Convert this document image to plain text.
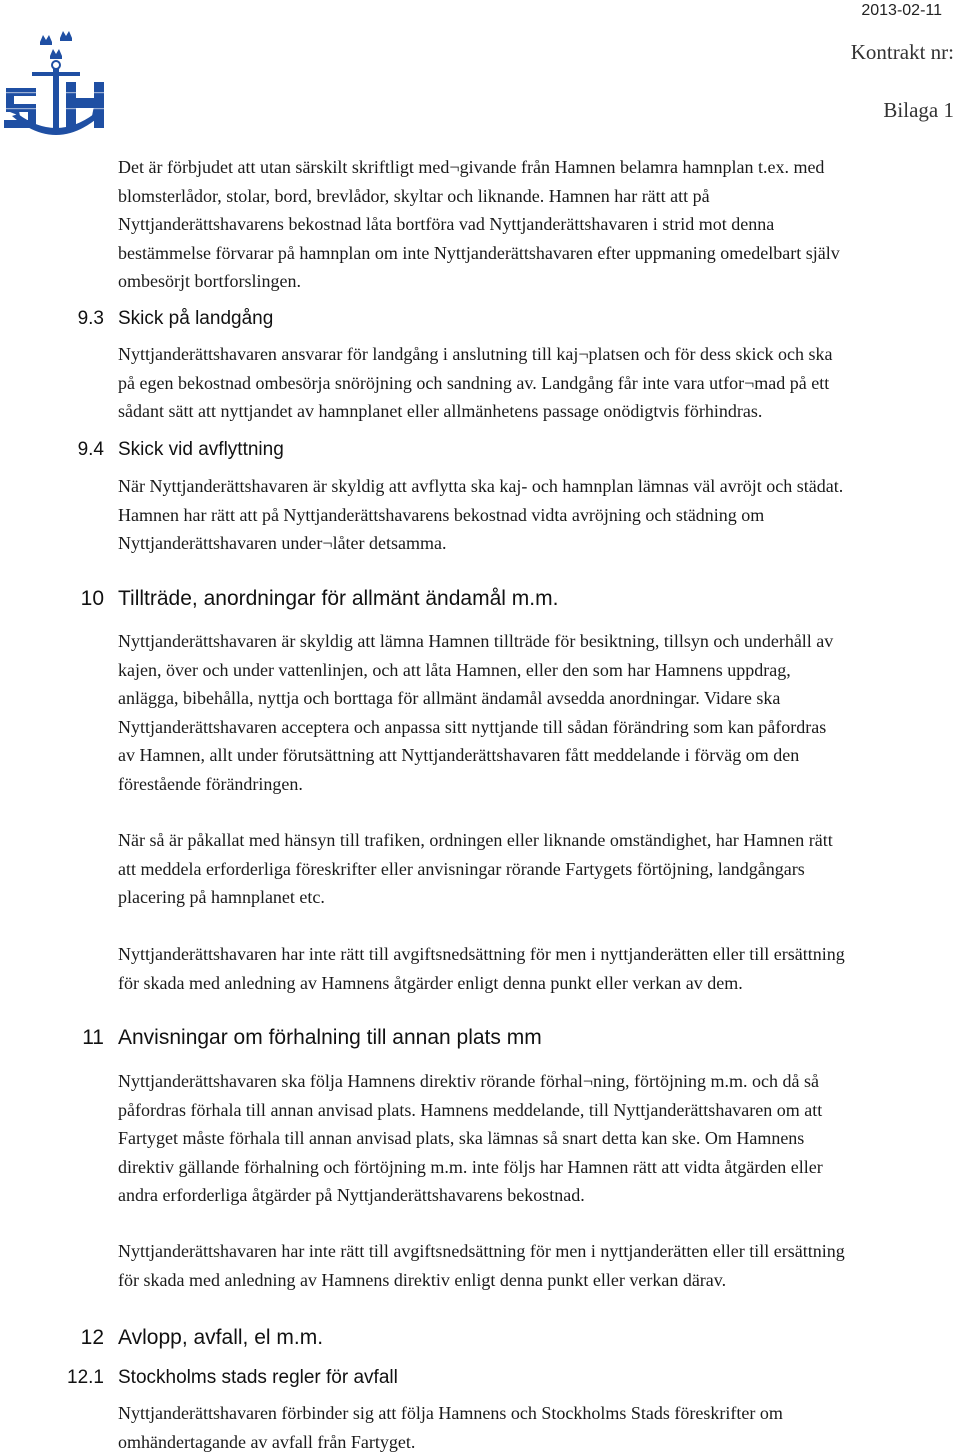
2013-02-11
Kontrakt nr:
Bilaga 1
Det är förbjudet att utan särskilt skriftligt med¬givande från Hamnen belamra hamnplan t.ex. med
blomsterlådor, stolar, bord, brevlådor, skyltar och liknande. Hamnen har rätt att på
Nyttjanderättshavarens bekostnad låta bortföra vad Nyttjanderättshavaren i strid mot denna
bestämmelse förvarar på hamnplan om inte Nyttjanderättshavaren efter uppmaning omedelbart själv
ombesörjt bortforslingen.
9.3 Skick på landgång
Nyttjanderättshavaren ansvarar för landgång i anslutning till kaj¬platsen och för dess skick och ska
på egen bekostnad ombesörja snöröjning och sandning av. Landgång får inte vara utfor¬mad på ett
sådant sätt att nyttjandet av hamnplanet eller allmänhetens passage onödigtvis förhindras.
9.4 Skick vid avflyttning
När Nyttjanderättshavaren är skyldig att avflytta ska kaj- och hamnplan lämnas väl avröjt och städat.
Hamnen har rätt att på Nyttjanderättshavarens bekostnad vidta avröjning och städning om
Nyttjanderättshavaren under¬låter detsamma.
10 Tillträde, anordningar för allmänt ändamål m.m.
Nyttjanderättshavaren är skyldig att lämna Hamnen tillträde för besiktning, tillsyn och underhåll av
kajen, över och under vattenlinjen, och att låta Hamnen, eller den som har Hamnens uppdrag,
anlägga, bibehålla, nyttja och borttaga för allmänt ändamål avsedda anordningar. Vidare ska
Nyttjanderättshavaren acceptera och anpassa sitt nyttjande till sådan förändring som kan påfordras
av Hamnen, allt under förutsättning att Nyttjanderättshavaren fått meddelande i förväg om den
förestående förändringen.
När så är påkallat med hänsyn till trafiken, ordningen eller liknande omständighet, har Hamnen rätt
att meddela erforderliga föreskrifter eller anvisningar rörande Fartygets förtöjning, landgångars
placering på hamnplanet etc.
Nyttjanderättshavaren har inte rätt till avgiftsnedsättning för men i nyttjanderätten eller till ersättning
för skada med anledning av Hamnens åtgärder enligt denna punkt eller verkan av dem.
11 Anvisningar om förhalning till annan plats mm
Nyttjanderättshavaren ska följa Hamnens direktiv rörande förhal¬ning, förtöjning m.m. och då så
påfordras förhala till annan anvisad plats. Hamnens meddelande, till Nyttjanderättshavaren om att
Fartyget måste förhala till annan anvisad plats, ska lämnas så snart detta kan ske. Om Hamnens
direktiv gällande förhalning och förtöjning m.m. inte följs har Hamnen rätt att vidta åtgärden eller
andra erforderliga åtgärder på Nyttjanderättshavarens bekostnad.
Nyttjanderättshavaren har inte rätt till avgiftsnedsättning för men i nyttjanderätten eller till ersättning
för skada med anledning av Hamnens direktiv enligt denna punkt eller verkan därav.
12 Avlopp, avfall, el m.m.
12.1 Stockholms stads regler för avfall
Nyttjanderättshavaren förbinder sig att följa Hamnens och Stockholms Stads föreskrifter om
omhändertagande av avfall från Fartyget.
